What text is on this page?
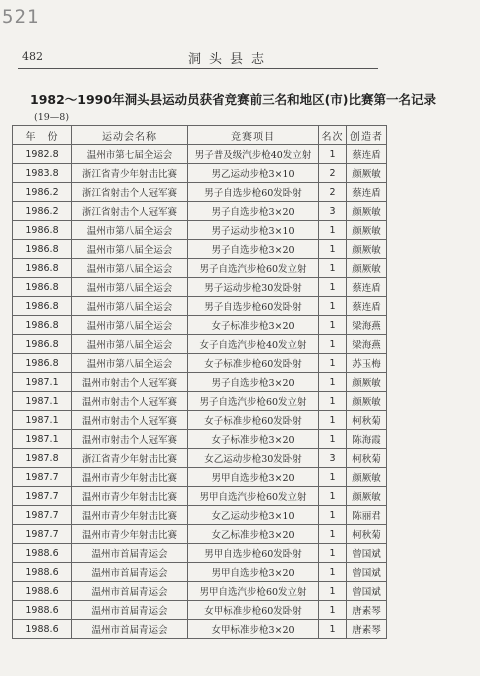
521
482	洞头县志
1982～1990年洞头县运动员获省竞赛前三名和地区(市)比赛第一名记录
(19—8)
年　份	运动会名称	竞赛项目	名次	创造者
1982.8	温州市第七届全运会	男子普及级汽步枪40发立射	1	蔡连盾
1983.8	浙江省青少年射击比赛	男乙运动步枪3×10	2	颜厥敏
1986.2	浙江省射击个人冠军赛	男子自选步枪60发卧射	2	蔡连盾
1986.2	浙江省射击个人冠军赛	男子自选步枪3×20	3	颜厥敏
1986.8	温州市第八届全运会	男子运动步枪3×10	1	颜厥敏
1986.8	温州市第八届全运会	男子自选步枪3×20	1	颜厥敏
1986.8	温州市第八届全运会	男子自选汽步枪60发立射	1	颜厥敏
1986.8	温州市第八届全运会	男子运动步枪30发卧射	1	蔡连盾
1986.8	温州市第八届全运会	男子自选步枪60发卧射	1	蔡连盾
1986.8	温州市第八届全运会	女子标准步枪3×20	1	梁海燕
1986.8	温州市第八届全运会	女子自选汽步枪40发立射	1	梁海燕
1986.8	温州市第八届全运会	女子标准步枪60发卧射	1	苏玉梅
1987.1	温州市射击个人冠军赛	男子自选步枪3×20	1	颜厥敏
1987.1	温州市射击个人冠军赛	男子自选汽步枪60发立射	1	颜厥敏
1987.1	温州市射击个人冠军赛	女子标准步枪60发卧射	1	柯秋菊
1987.1	温州市射击个人冠军赛	女子标准步枪3×20	1	陈海霞
1987.8	浙江省青少年射击比赛	女乙运动步枪30发卧射	3	柯秋菊
1987.7	温州市青少年射击比赛	男甲自选步枪3×20	1	颜厥敏
1987.7	温州市青少年射击比赛	男甲自选汽步枪60发立射	1	颜厥敏
1987.7	温州市青少年射击比赛	女乙运动步枪3×10	1	陈丽君
1987.7	温州市青少年射击比赛	女乙标准步枪3×20	1	柯秋菊
1988.6	温州市首届青运会	男甲自选步枪60发卧射	1	曾国斌
1988.6	温州市首届青运会	男甲自选步枪3×20	1	曾国斌
1988.6	温州市首届青运会	男甲自选汽步枪60发立射	1	曾国斌
1988.6	温州市首届青运会	女甲标准步枪60发卧射	1	唐素琴
1988.6	温州市首届青运会	女甲标准步枪3×20	1	唐素琴
